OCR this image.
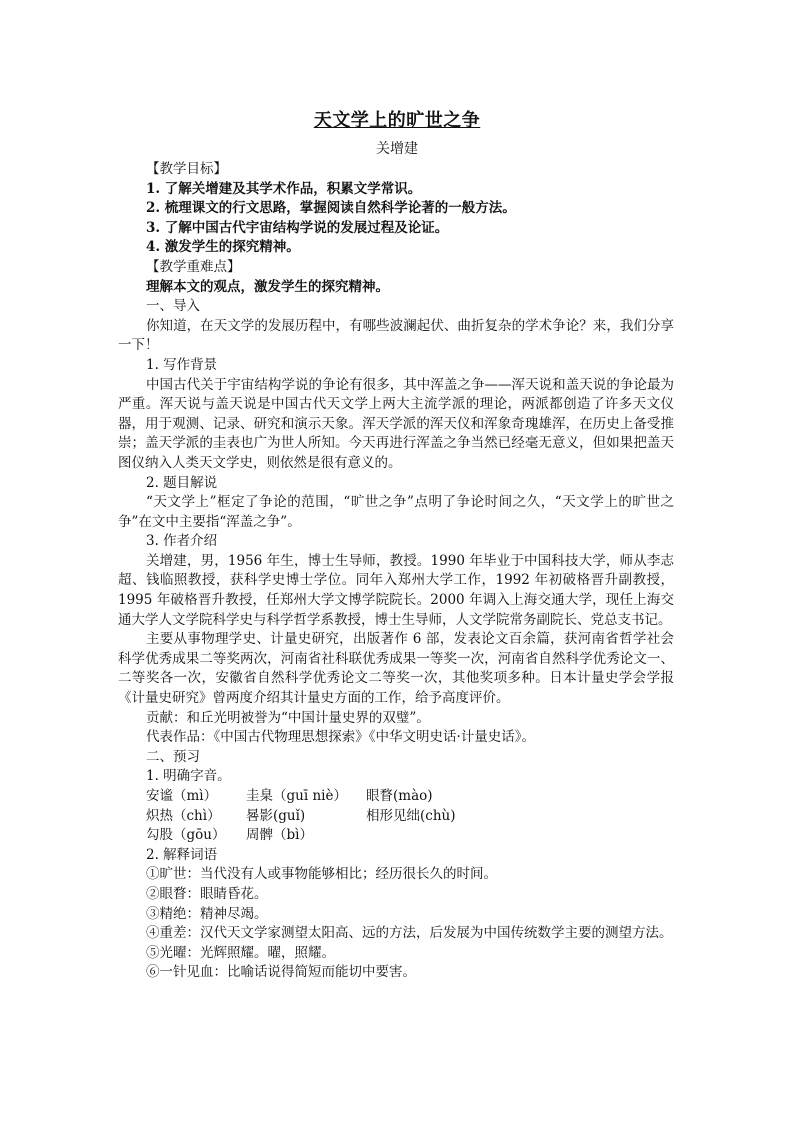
天文学上的旷世之争
关增建
【教学目标】
1. 了解关增建及其学术作品，积累文学常识。
2. 梳理课文的行文思路，掌握阅读自然科学论著的一般方法。
3. 了解中国古代宇宙结构学说的发展过程及论证。
4. 激发学生的探究精神。
【教学重难点】
理解本文的观点，激发学生的探究精神。
一、导入
你知道，在天文学的发展历程中，有哪些波澜起伏、曲折复杂的学术争论？来，我们分享一下！
1. 写作背景
中国古代关于宇宙结构学说的争论有很多，其中浑盖之争——浑天说和盖天说的争论最为严重。浑天说与盖天说是中国古代天文学上两大主流学派的理论，两派都创造了许多天文仪器，用于观测、记录、研究和演示天象。浑天学派的浑天仪和浑象奇瑰雄浑，在历史上备受推崇；盖天学派的圭表也广为世人所知。今天再进行浑盖之争当然已经毫无意义，但如果把盖天图仪纳入人类天文学史，则依然是很有意义的。
2. 题目解说
“天文学上”框定了争论的范围，“旷世之争”点明了争论时间之久，“天文学上的旷世之争”在文中主要指“浑盖之争”。
3. 作者介绍
关增建，男，1956 年生，博士生导师，教授。1990 年毕业于中国科技大学，师从李志超、钱临照教授，获科学史博士学位。同年入郑州大学工作，1992 年初破格晋升副教授，1995 年破格晋升教授，任郑州大学文博学院院长。2000 年调入上海交通大学，现任上海交通大学人文学院科学史与科学哲学系教授，博士生导师，人文学院常务副院长、党总支书记。
主要从事物理学史、计量史研究，出版著作 6 部，发表论文百余篇，获河南省哲学社会科学优秀成果二等奖两次，河南省社科联优秀成果一等奖一次，河南省自然科学优秀论文一、二等奖各一次，安徽省自然科学优秀论文二等奖一次，其他奖项多种。日本计量史学会学报《计量史研究》曾两度介绍其计量史方面的工作，给予高度评价。
贡献：和丘光明被誉为“中国计量史界的双璧”。
代表作品：《中国古代物理思想探索》《中华文明史话·计量史话》。
二、预习
1. 明确字音。
安谧（mì）	圭臬（guī niè）	眼瞀(mào)
炽热（chì）	晷影(guǐ)	相形见绌(chù)
勾股（gōu）	周髀（bì）
2. 解释词语
①旷世：当代没有人或事物能够相比；经历很长久的时间。
②眼瞀：眼睛昏花。
③精绝：精神尽竭。
④重差：汉代天文学家测望太阳高、远的方法，后发展为中国传统数学主要的测望方法。
⑤光曜：光辉照耀。曜，照耀。
⑥一针见血：比喻话说得简短而能切中要害。
